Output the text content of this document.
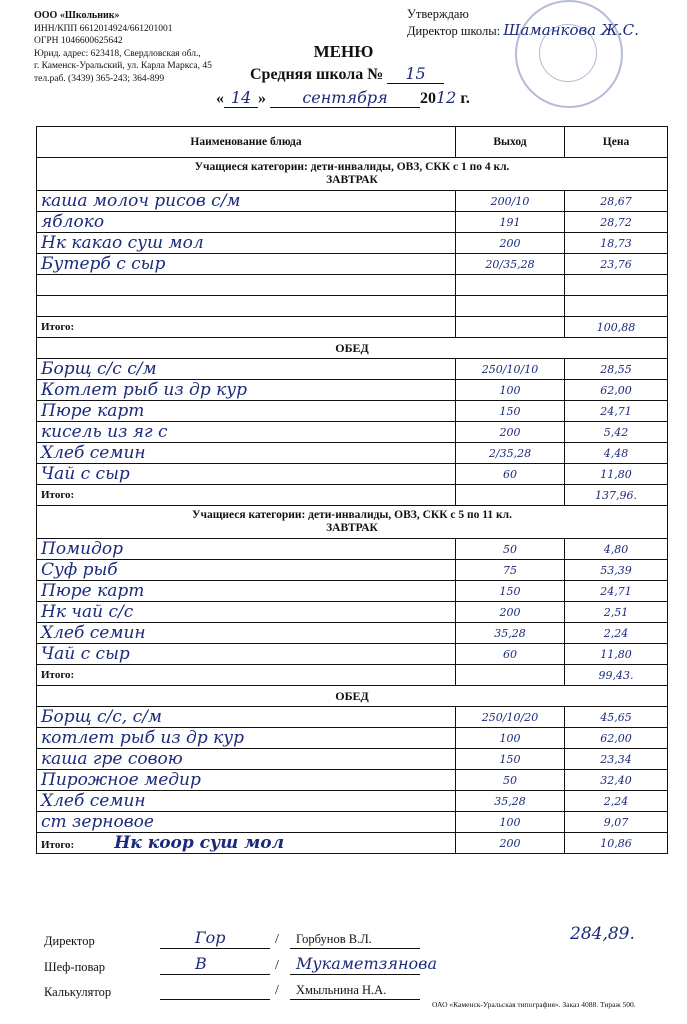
ООО «Школьник»
ИНН/КПП 6612014924/661201001
ОГРН 1046600625642
Юрид. адрес: 623418, Свердловская обл.,
г. Каменск-Уральский, ул. Карла Маркса, 45
тел.раб. (3439) 365-243; 364-899
Утверждаю
Директор школы: Шаманкова Ж.С.
МЕНЮ
Средняя школа № 15
« 14 » сентября 2012 г.
Наименование блюда	Выход	Цена

Учащиеся категории: дети-инвалиды, ОВЗ, СКК с 1 по 4 кл.
ЗАВТРАК		

каша молоч рисов с/м	200/10	28,67
яблоко	191	28,72
Нк какао суш мол	200	18,73
Бутерб с сыр	20/35,28	23,76

Итого:		100,88
ОБЕД		
Борщ с/с с/м	250/10/10	28,55
Котлет рыб из др кур	100	62,00
Пюре карт	150	24,71
кисель из яг с	200	5,42
Хлеб семин	2/35,28	4,48
Чай с сыр	60	11,80
Итого:		137,96.

Учащиеся категории: дети-инвалиды, ОВЗ, СКК с 5 по 11 кл.
ЗАВТРАК		

Помидор	50	4,80
Суф рыб	75	53,39
Пюре карт	150	24,71
Нк чай с/с	200	2,51
Хлеб семин	35,28	2,24
Чай с сыр	60	11,80
Итого:		99,43.
ОБЕД		
Борщ с/с, с/м	250/10/20	45,65
котлет рыб из др кур	100	62,00
каша гре совою	150	23,34
Пирожное медир	50	32,40
Хлеб семин	35,28	2,24
ст зерновое	100	9,07
Итого: Нк коор суш мол	200	10,86
284,89.
Директор	Гор	/ Горбунов В.Л.
Шеф-повар	В	/ Мукаметзянова
Калькулятор	/ Хмыльнина Н.А.
ОАО «Каменск-Уральская типография». Заказ 4088. Тираж 500.
